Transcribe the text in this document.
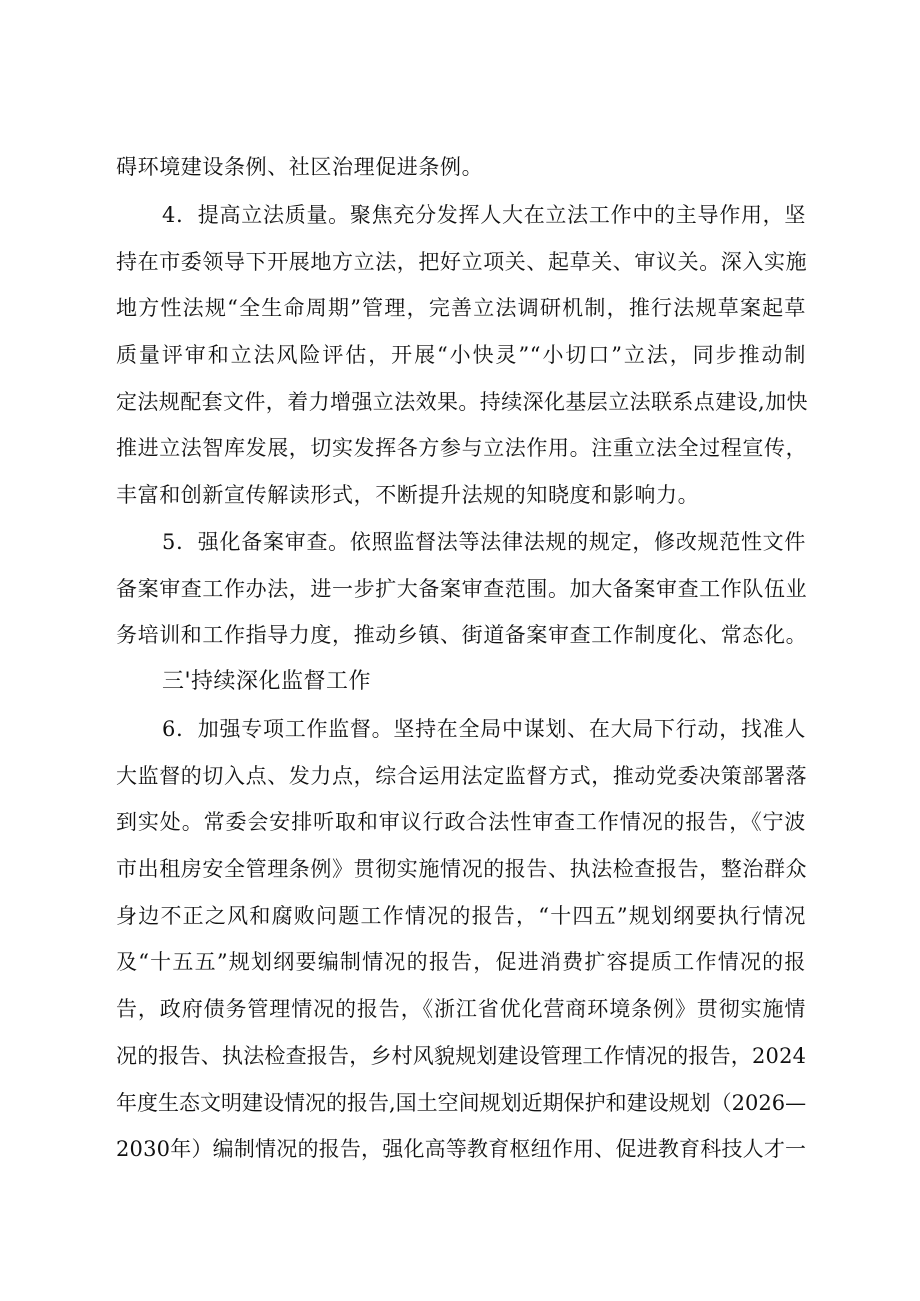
碍环境建设条例、社区治理促进条例。
4．提高立法质量。聚焦充分发挥人大在立法工作中的主导作用，坚
持在市委领导下开展地方立法，把好立项关、起草关、审议关。深入实施
地方性法规“全生命周期”管理，完善立法调研机制，推行法规草案起草
质量评审和立法风险评估，开展“小快灵”“小切口”立法，同步推动制
定法规配套文件，着力增强立法效果。持续深化基层立法联系点建设,加快
推进立法智库发展，切实发挥各方参与立法作用。注重立法全过程宣传，
丰富和创新宣传解读形式，不断提升法规的知晓度和影响力。
5．强化备案审查。依照监督法等法律法规的规定，修改规范性文件
备案审查工作办法，进一步扩大备案审查范围。加大备案审查工作队伍业
务培训和工作指导力度，推动乡镇、街道备案审查工作制度化、常态化。
三'持续深化监督工作
6．加强专项工作监督。坚持在全局中谋划、在大局下行动，找准人
大监督的切入点、发力点，综合运用法定监督方式，推动党委决策部署落
到实处。常委会安排听取和审议行政合法性审查工作情况的报告，《宁波
市出租房安全管理条例》贯彻实施情况的报告、执法检查报告，整治群众
身边不正之风和腐败问题工作情况的报告，“十四五”规划纲要执行情况
及“十五五”规划纲要编制情况的报告，促进消费扩容提质工作情况的报
告，政府债务管理情况的报告，《浙江省优化营商环境条例》贯彻实施情
况的报告、执法检查报告，乡村风貌规划建设管理工作情况的报告，2024
年度生态文明建设情况的报告,国土空间规划近期保护和建设规划（2026—
2030年）编制情况的报告，强化高等教育枢纽作用、促进教育科技人才一
